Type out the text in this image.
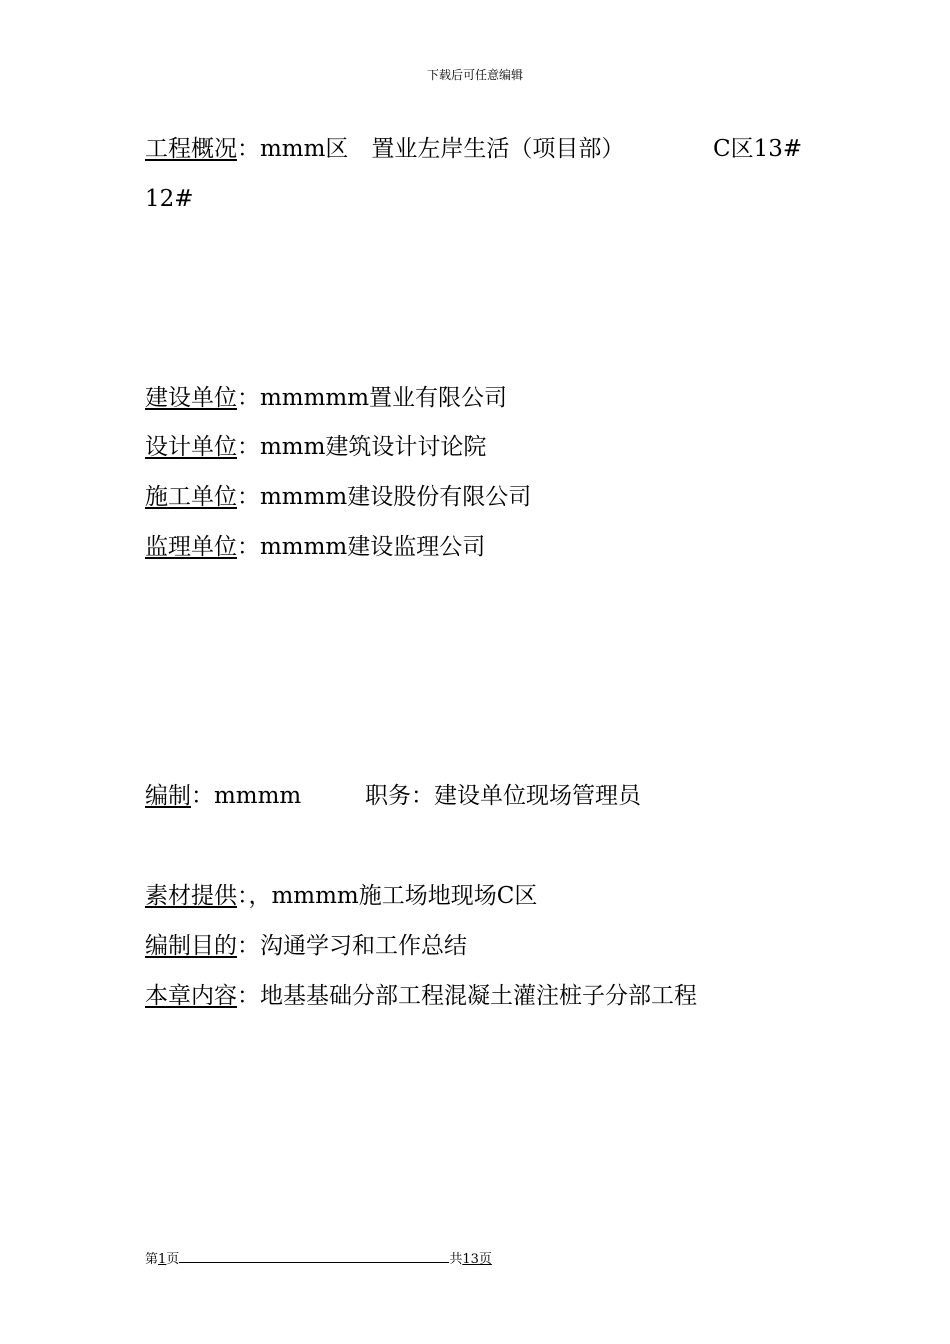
下载后可任意编辑
工程概况：mmm区　置业左岸生活（项目部）	C区13#
12#
建设单位：mmmmm置业有限公司
设计单位：mmm建筑设计讨论院
施工单位：mmmm建设股份有限公司
监理单位：mmmm建设监理公司
编制：mmmm	职务：建设单位现场管理员
素材提供：，mmmm施工场地现场C区
编制目的：沟通学习和工作总结
本章内容：地基基础分部工程混凝土灌注桩子分部工程
第1页	共13页
